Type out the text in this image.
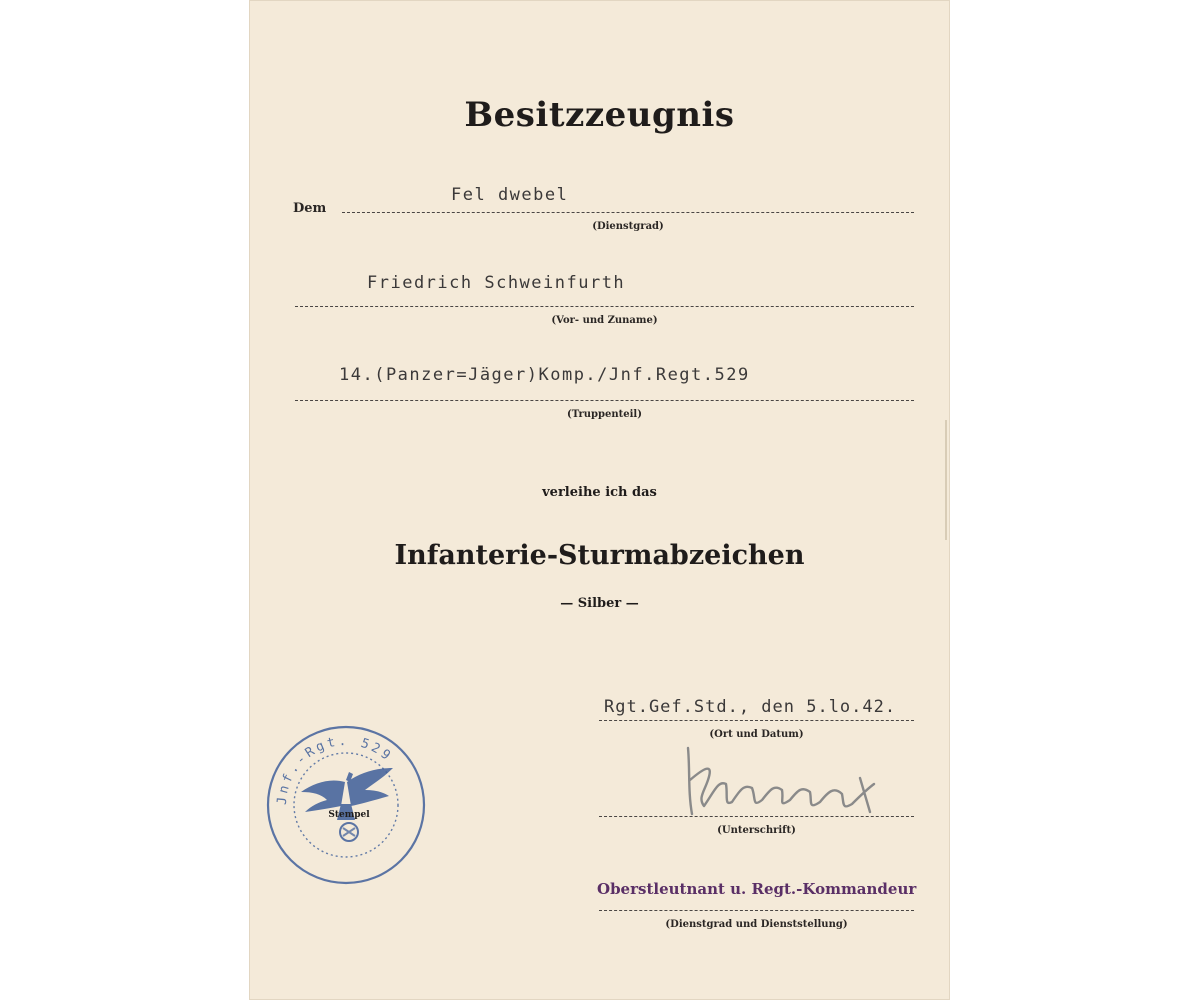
Besitzzeugnis
Dem
Fel dwebel
(Dienstgrad)
Friedrich Schweinfurth
(Vor- und Zuname)
14.(Panzer=Jäger)Komp./Jnf.Regt.529
(Truppenteil)
verleihe ich das
Infanterie-Sturmabzeichen
— Silber —
Rgt.Gef.Std., den 5.lo.42.
(Ort und Datum)
(Unterschrift)
Oberstleutnant u. Regt.-Kommandeur
(Dienstgrad und Dienststellung)
Jnf.-Rgt. 529
Stempel
